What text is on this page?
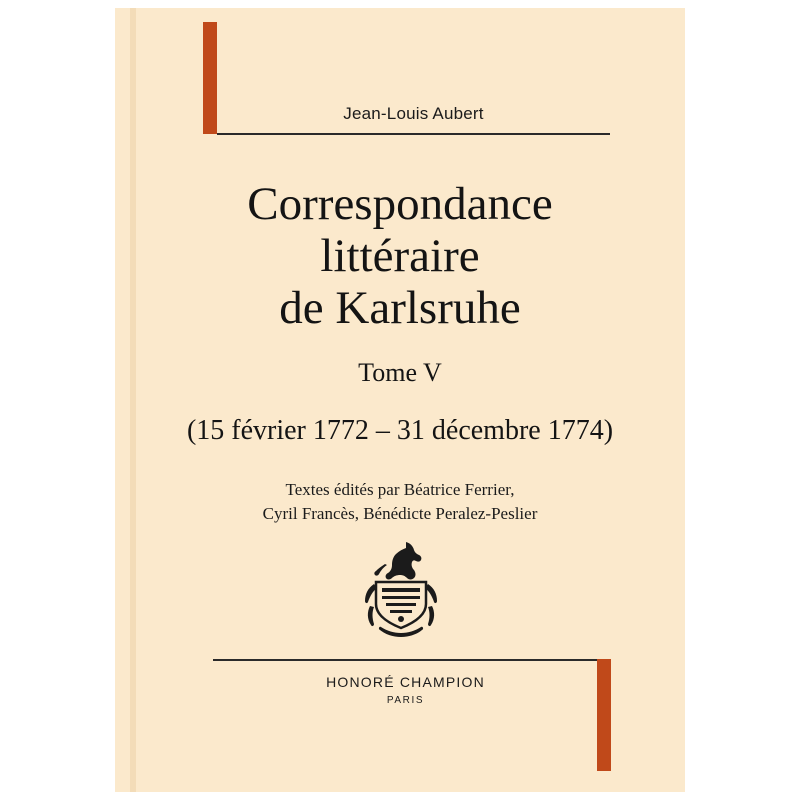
Jean-Louis Aubert
Correspondance
littéraire
de Karlsruhe
Tome V
(15 février 1772 – 31 décembre 1774)
Textes édités par Béatrice Ferrier,
Cyril Francès, Bénédicte Peralez-Peslier
HONORÉ CHAMPION
PARIS
